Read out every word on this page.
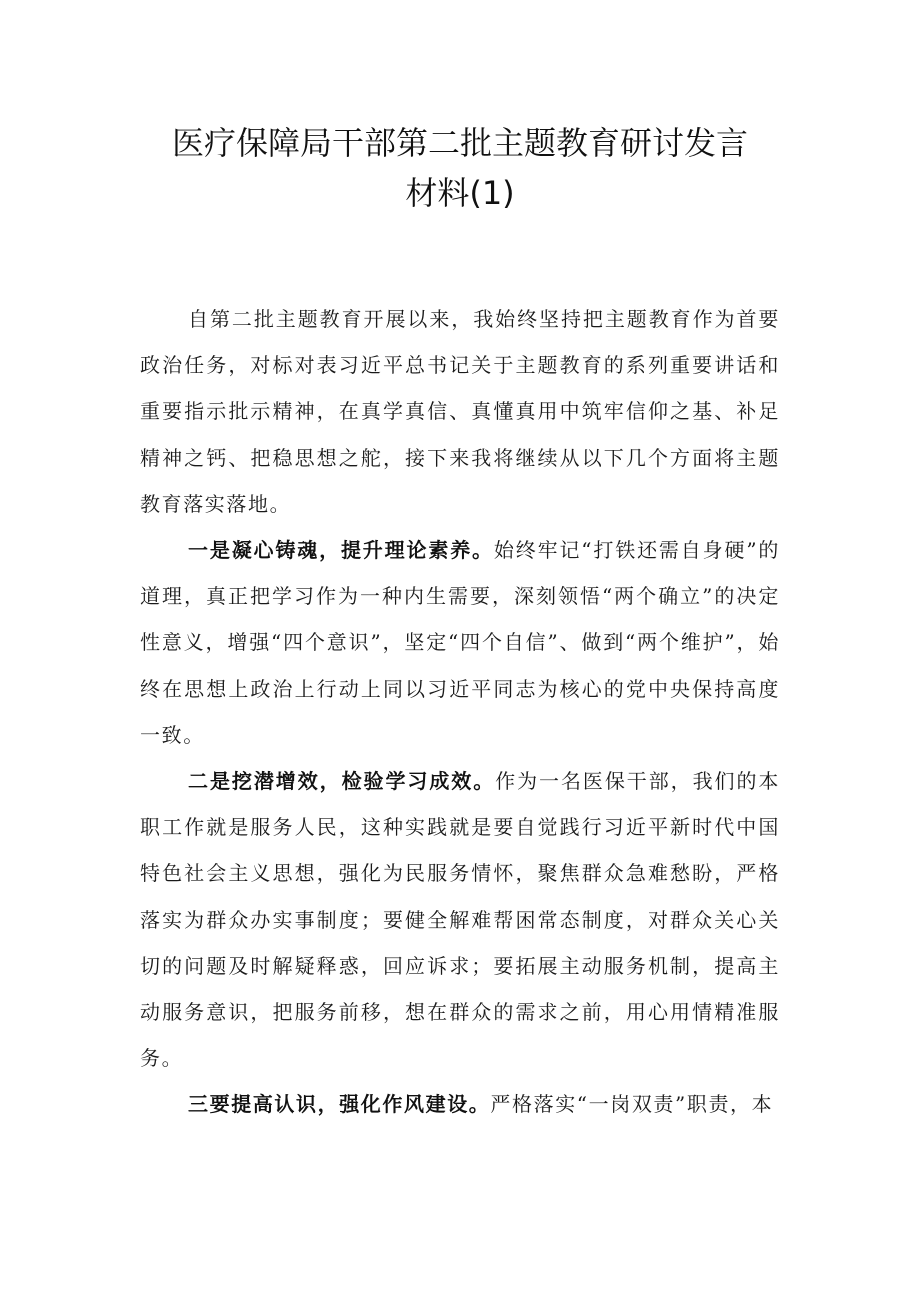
医疗保障局干部第二批主题教育研讨发言
材料(1)

自第二批主题教育开展以来，我始终坚持把主题教育作为首要政治任务，对标对表习近平总书记关于主题教育的系列重要讲话和重要指示批示精神，在真学真信、真懂真用中筑牢信仰之基、补足精神之钙、把稳思想之舵，接下来我将继续从以下几个方面将主题教育落实落地。

一是凝心铸魂，提升理论素养。始终牢记“打铁还需自身硬”的道理，真正把学习作为一种内生需要，深刻领悟“两个确立”的决定性意义，增强“四个意识”，坚定“四个自信”、做到“两个维护”，始终在思想上政治上行动上同以习近平同志为核心的党中央保持高度一致。

二是挖潜增效，检验学习成效。作为一名医保干部，我们的本职工作就是服务人民，这种实践就是要自觉践行习近平新时代中国特色社会主义思想，强化为民服务情怀，聚焦群众急难愁盼，严格落实为群众办实事制度；要健全解难帮困常态制度，对群众关心关切的问题及时解疑释惑，回应诉求；要拓展主动服务机制，提高主动服务意识，把服务前移，想在群众的需求之前，用心用情精准服务。

三要提高认识，强化作风建设。严格落实“一岗双责”职责，本
